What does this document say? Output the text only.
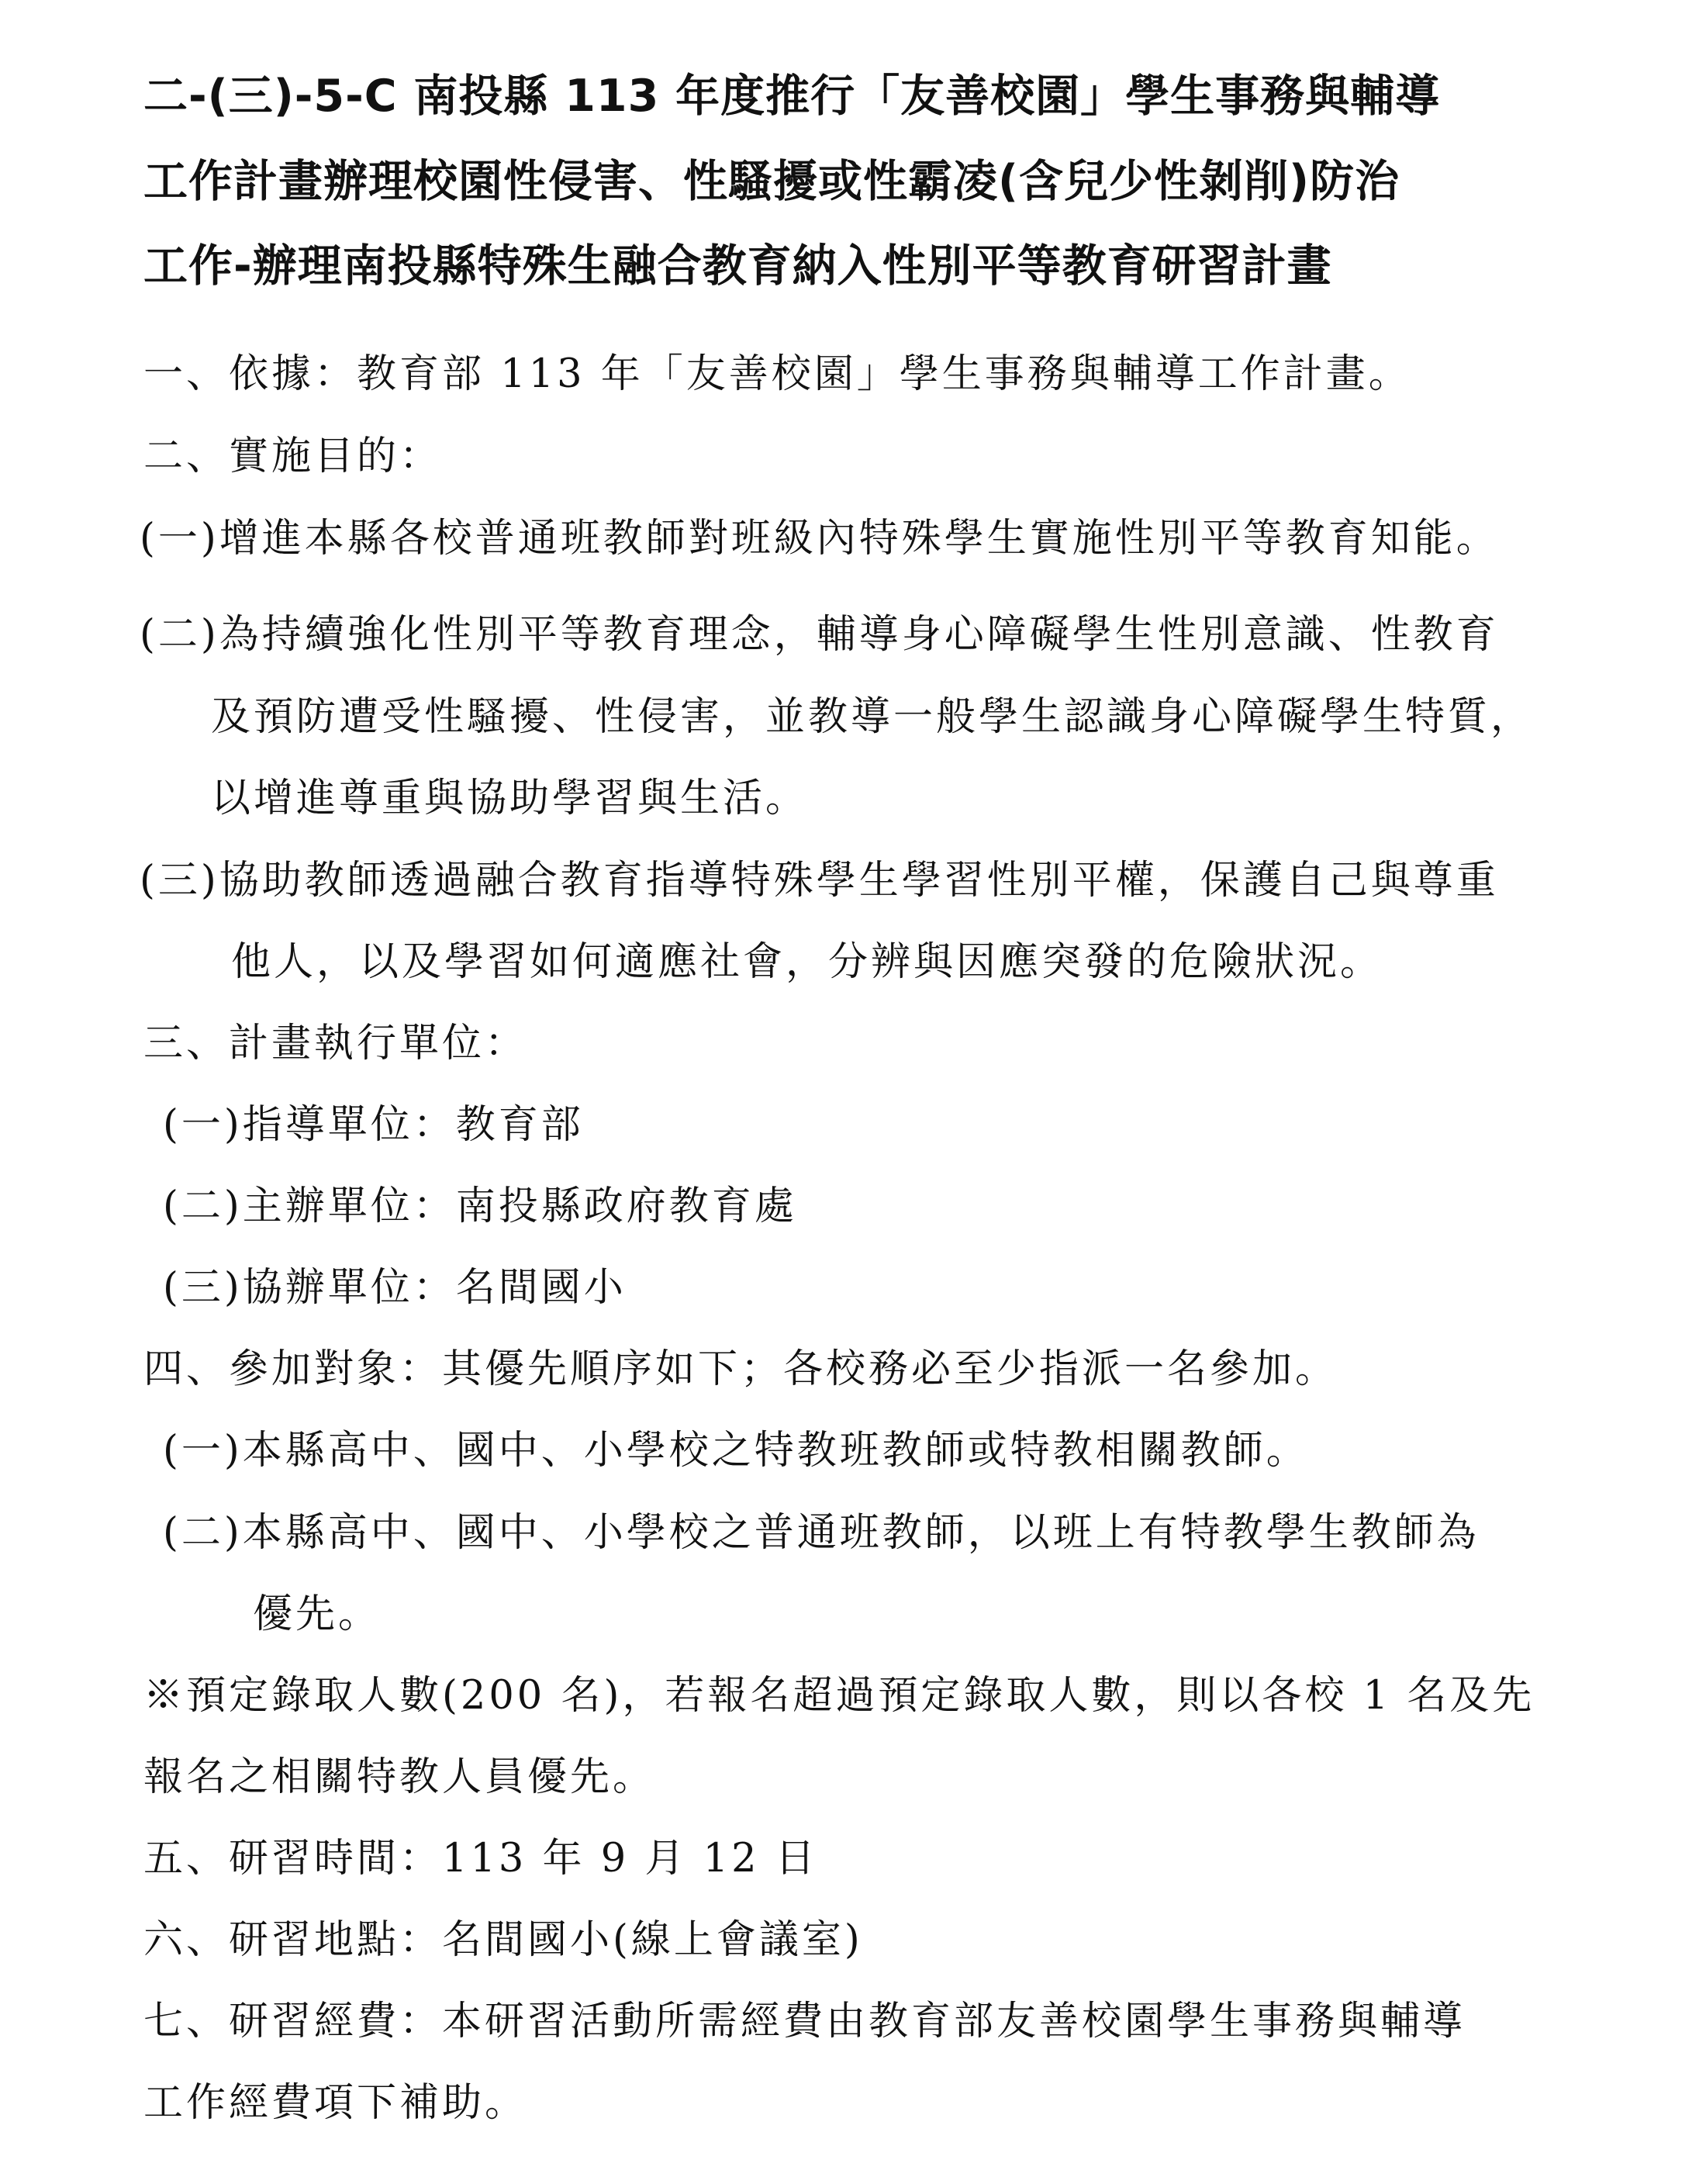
二-(三)-5-C 南投縣 113 年度推行「友善校園」學生事務與輔導
工作計畫辦理校園性侵害、性騷擾或性霸凌(含兒少性剝削)防治
工作-辦理南投縣特殊生融合教育納入性別平等教育研習計畫
一、依據：教育部 113 年「友善校園」學生事務與輔導工作計畫。
二、實施目的：
(一)增進本縣各校普通班教師對班級內特殊學生實施性別平等教育知能。
(二)為持續強化性別平等教育理念，輔導身心障礙學生性別意識、性教育
及預防遭受性騷擾、性侵害，並教導一般學生認識身心障礙學生特質，
以增進尊重與協助學習與生活。
(三)協助教師透過融合教育指導特殊學生學習性別平權，保護自己與尊重
他人，以及學習如何適應社會，分辨與因應突發的危險狀況。
三、計畫執行單位：
(一)指導單位：教育部
(二)主辦單位：南投縣政府教育處
(三)協辦單位：名間國小
四、參加對象：其優先順序如下；各校務必至少指派一名參加。
(一)本縣高中、國中、小學校之特教班教師或特教相關教師。
(二)本縣高中、國中、小學校之普通班教師，以班上有特教學生教師為
優先。
※預定錄取人數(200 名)，若報名超過預定錄取人數，則以各校 1 名及先
報名之相關特教人員優先。
五、研習時間：113 年 9 月 12 日
六、研習地點：名間國小(線上會議室)
七、研習經費：本研習活動所需經費由教育部友善校園學生事務與輔導
工作經費項下補助。
